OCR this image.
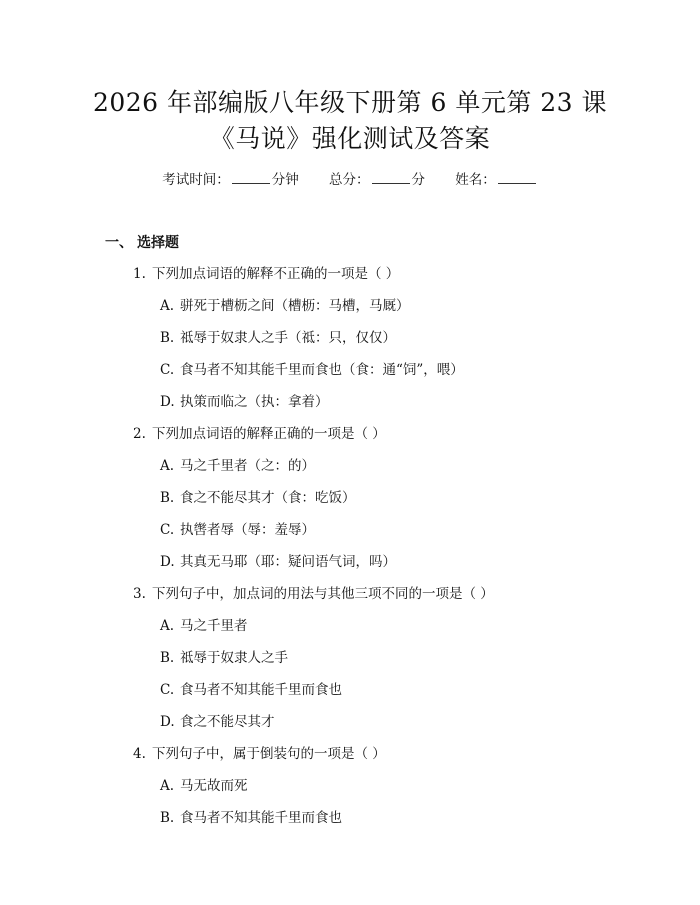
2026 年部编版八年级下册第 6 单元第 23 课
《马说》强化测试及答案
考试时间：	分钟 总分：	分 姓名：
一、 选择题
1. 下列加点词语的解释不正确的一项是（ ）
A. 骈死于槽枥之间（槽枥：马槽，马厩）
B. 祗辱于奴隶人之手（祗：只，仅仅）
C. 食马者不知其能千里而食也（食：通“饲”，喂）
D. 执策而临之（执：拿着）
2. 下列加点词语的解释正确的一项是（ ）
A. 马之千里者（之：的）
B. 食之不能尽其才（食：吃饭）
C. 执辔者辱（辱：羞辱）
D. 其真无马耶（耶：疑问语气词，吗）
3. 下列句子中，加点词的用法与其他三项不同的一项是（ ）
A. 马之千里者
B. 祗辱于奴隶人之手
C. 食马者不知其能千里而食也
D. 食之不能尽其才
4. 下列句子中，属于倒装句的一项是（ ）
A. 马无故而死
B. 食马者不知其能千里而食也
